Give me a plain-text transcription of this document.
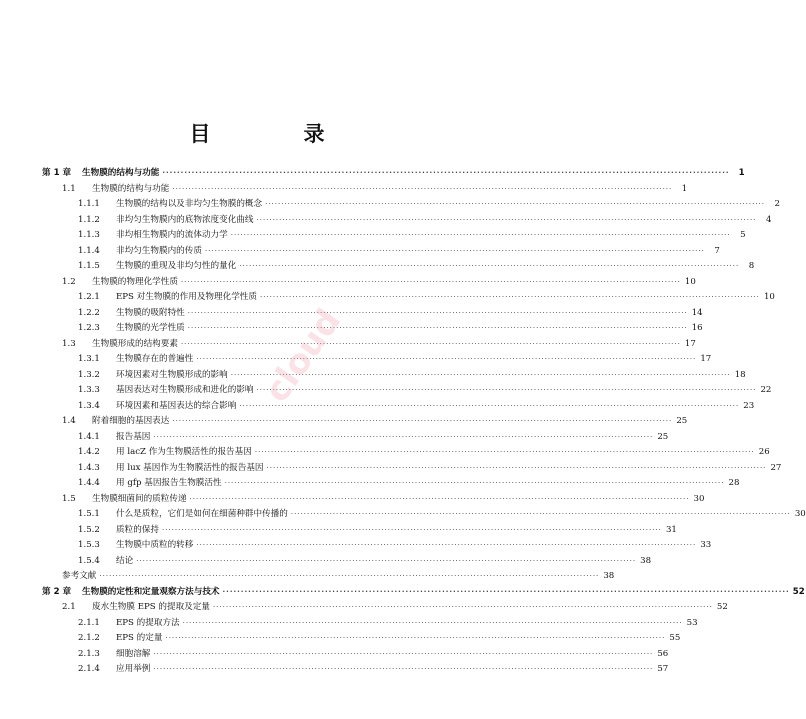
目　录
第 1 章	生物膜的结构与功能 ·····	1
1.1	生物膜的结构与功能 ·····	1
1.1.1	生物膜的结构以及非均匀生物膜的概念 ·····	2
1.1.2	非均匀生物膜内的底物浓度变化曲线 ·····	4
1.1.3	非均相生物膜内的流体动力学 ·····	5
1.1.4	非均匀生物膜内的传质 ·····	7
1.1.5	生物膜的重现及非均匀性的量化 ·····	8
1.2	生物膜的物理化学性质 ·····	10
1.2.1	EPS 对生物膜的作用及物理化学性质 ·····	10
1.2.2	生物膜的吸附特性 ·····	14
1.2.3	生物膜的光学性质 ·····	16
1.3	生物膜形成的结构要素 ·····	17
1.3.1	生物膜存在的普遍性 ·····	17
1.3.2	环境因素对生物膜形成的影响 ·····	18
1.3.3	基因表达对生物膜形成和进化的影响 ·····	22
1.3.4	环境因素和基因表达的综合影响 ·····	23
1.4	附着细胞的基因表达 ·····	25
1.4.1	报告基因 ·····	25
1.4.2	用 lacZ 作为生物膜活性的报告基因 ·····	26
1.4.3	用 lux 基因作为生物膜活性的报告基因 ·····	27
1.4.4	用 gfp 基因报告生物膜活性 ·····	28
1.5	生物膜细菌间的质粒传递 ·····	30
1.5.1	什么是质粒，它们是如何在细菌种群中传播的 ·····	30
1.5.2	质粒的保持 ·····	31
1.5.3	生物膜中质粒的转移 ·····	33
1.5.4	结论 ·····	38
参考文献 ·····	38
第 2 章	生物膜的定性和定量观察方法与技术 ·····	52
2.1	废水生物膜 EPS 的提取及定量 ·····	52
2.1.1	EPS 的提取方法 ·····	53
2.1.2	EPS 的定量 ·····	55
2.1.3	细胞溶解 ·····	56
2.1.4	应用举例 ·····	57
cloud
